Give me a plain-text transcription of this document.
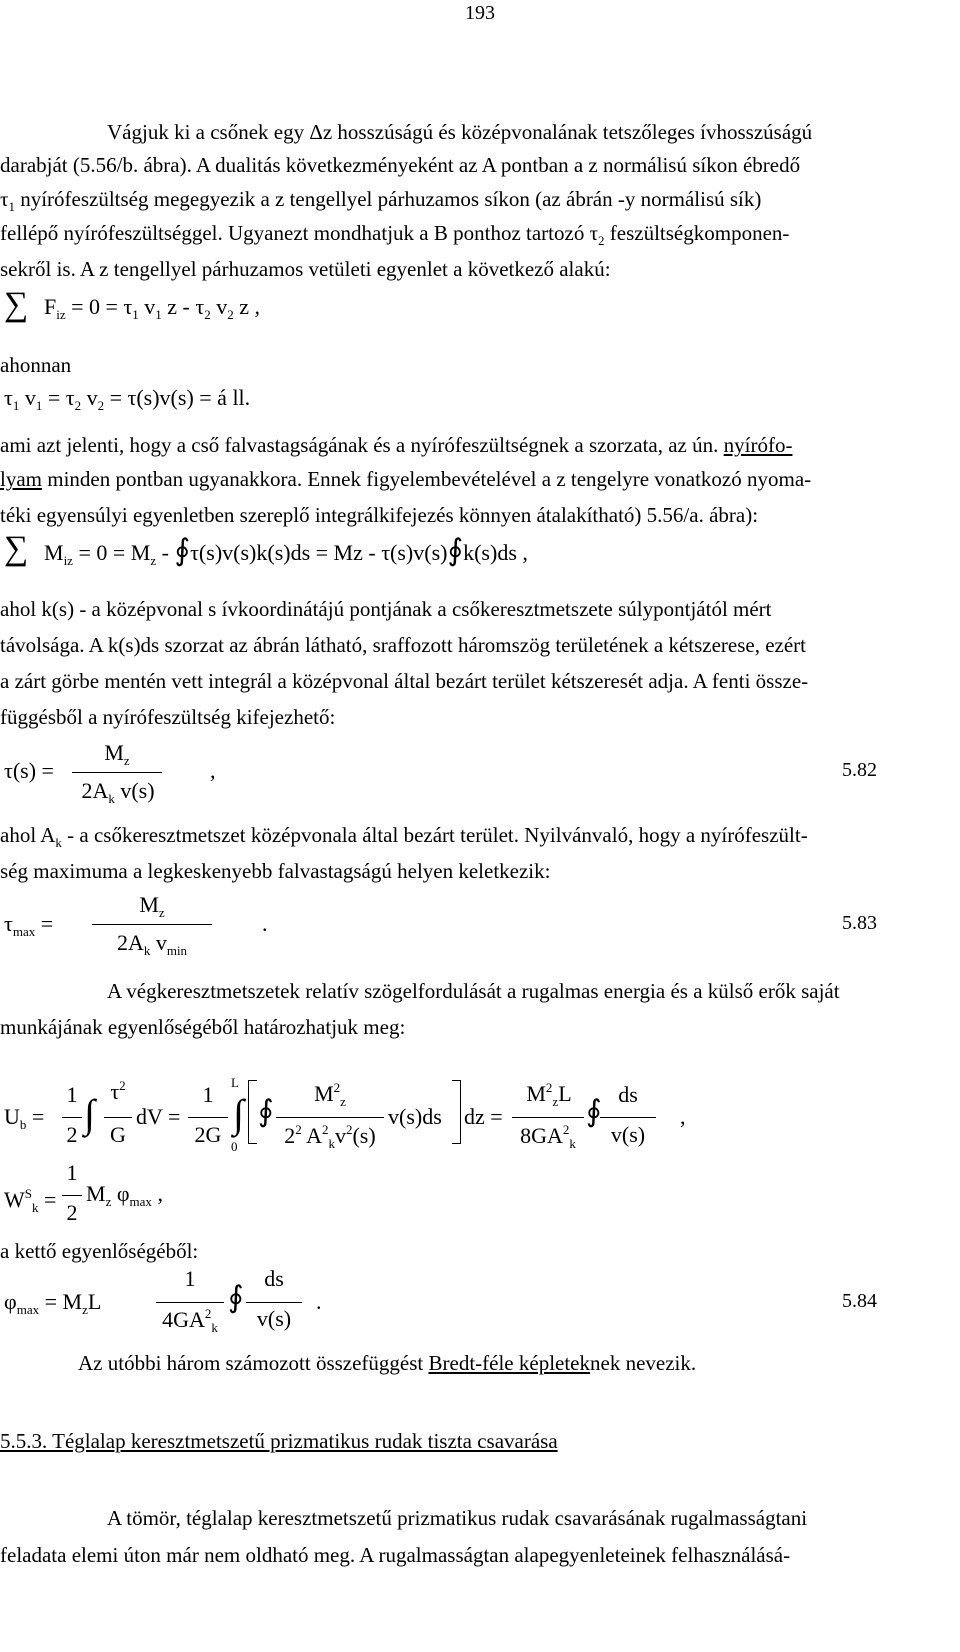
193
Vágjuk ki a csőnek egy Δz hosszúságú és középvonalának tetszőleges ívhosszúságú
darabját (5.56/b. ábra). A dualitás következményeként az A pontban a z normálisú síkon ébredő
$\tau_1$ nyírófeszültség megegyezik a z tengellyel párhuzamos síkon (az ábrán -y normálisú sík)
fellépő nyírófeszültséggel. Ugyanezt mondhatjuk a B ponthoz tartozó $\tau_2$ feszültségkomponen-
sekről is. A z tengellyel párhuzamos vetületi egyenlet a következő alakú:
∑ $F_{iz} = 0 = \tau_1$ $v_1$ z - $\tau_2$ $v_2$ z ,
ahonnan
$\tau_1$ $v_1 = \tau_2$ $v_2 = \tau(s)v(s)$ = á ll.
ami azt jelenti, hogy a cső falvastagságának és a nyírófeszültségnek a szorzata, az ún. nyírófo-
lyam minden pontban ugyanakkora. Ennek figyelembevételével a z tengelyre vonatkozó nyoma-
téki egyensúlyi egyenletben szereplő integrálkifejezés könnyen átalakítható) 5.56/a. ábra):
∑ $M_{iz} = 0 = M_z$ - ∮τ(s)v(s)k(s)ds = Mz - τ(s)v(s)∮k(s)ds ,
ahol k(s) - a középvonal s ívkoordinátájú pontjának a csőkeresztmetszete súlypontjától mért
távolsága. A k(s)ds szorzat az ábrán látható, sraffozott háromszög területének a kétszerese, ezért
a zárt görbe mentén vett integrál a középvonal által bezárt terület kétszeresét adja. A fenti össze-
függésből a nyírófeszültség kifejezhető:
τ(s) =
$M_z$
$2A_k$ v(s)
,	5.82
ahol $A_k$ - a csőkeresztmetszet középvonala által bezárt terület. Nyilvánvaló, hogy a nyírófeszült-
ség maximuma a legkeskenyebb falvastagságú helyen keletkezik:
$\tau_{max}$ =
$M_z$
$2A_k$ $v_{min}$
.	5.83
A végkeresztmetszetek relatív szögelfordulását a rugalmas energia és a külső erők saját
munkájának egyenlőségéből határozhatjuk meg:
$U_b$ =
1
2 ∫ $\tau^2$
G
dV =
1
2G ∫
L
0
∮
$M^2_z$
$2^2$ $A^2_kv^2(s)$
v(s)ds dz =
$M^2_zL$
$8GA^2_k$
∮
ds
v(s)
,
$W^S_k$ =
1
2
$M_z$ $\varphi_{max}$ ,
a kettő egyenlőségéből:
$\varphi_{max} = M_zL$
1
$4GA^2_k$
∮
ds
v(s)
.	5.84
Az utóbbi három számozott összefüggést Bredt-féle képleteknek nevezik.
5.5.3. Téglalap keresztmetszetű prizmatikus rudak tiszta csavarása
A tömör, téglalap keresztmetszetű prizmatikus rudak csavarásának rugalmasságtani
feladata elemi úton már nem oldható meg. A rugalmasságtan alapegyenleteinek felhasználásá-
